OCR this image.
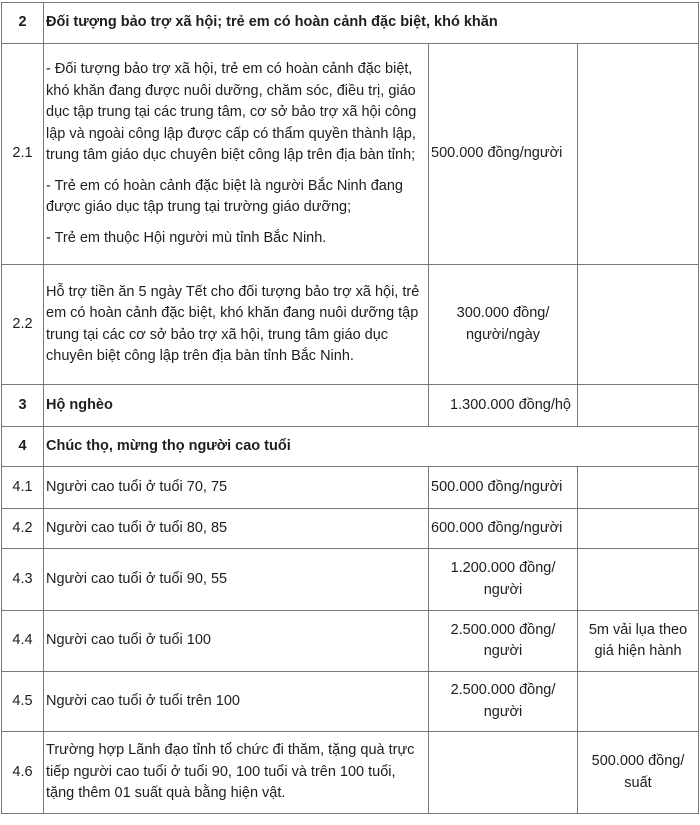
2	Đối tượng bảo trợ xã hội; trẻ em có hoàn cảnh đặc biệt, khó khăn		
2.1	- Đối tượng bảo trợ xã hội, trẻ em có hoàn cảnh đặc biệt, khó khăn đang được nuôi dưỡng, chăm sóc, điều trị, giáo dục tập trung tại các trung tâm, cơ sở bảo trợ xã hội công lập và ngoài công lập được cấp có thẩm quyền thành lập, trung tâm giáo dục chuyên biệt công lập trên địa bàn tỉnh;
- Trẻ em có hoàn cảnh đặc biệt là người Bắc Ninh đang được giáo dục tập trung tại trường giáo dưỡng;
- Trẻ em thuộc Hội người mù tỉnh Bắc Ninh.	500.000 đồng/người	
2.2	Hỗ trợ tiền ăn 5 ngày Tết cho đối tượng bảo trợ xã hội, trẻ em có hoàn cảnh đặc biệt, khó khăn đang nuôi dưỡng tập trung tại các cơ sở bảo trợ xã hội, trung tâm giáo dục chuyên biệt công lập trên địa bàn tỉnh Bắc Ninh.	300.000 đồng/ người/ngày	
3	Hộ nghèo	1.300.000 đồng/hộ	
4	Chúc thọ, mừng thọ người cao tuổi		
4.1	Người cao tuổi ở tuổi 70, 75	500.000 đồng/người	
4.2	Người cao tuổi ở tuổi 80, 85	600.000 đồng/người	
4.3	Người cao tuổi ở tuổi 90, 55	1.200.000 đồng/ người	
4.4	Người cao tuổi ở tuổi 100	2.500.000 đồng/ người	5m vải lụa theo giá hiện hành
4.5	Người cao tuổi ở tuổi trên 100	2.500.000 đồng/ người	
4.6	Trường hợp Lãnh đạo tỉnh tổ chức đi thăm, tặng quà trực tiếp người cao tuổi ở tuổi 90, 100 tuổi và trên 100 tuổi, tặng thêm 01 suất quà bằng hiện vật.		500.000 đồng/ suất
